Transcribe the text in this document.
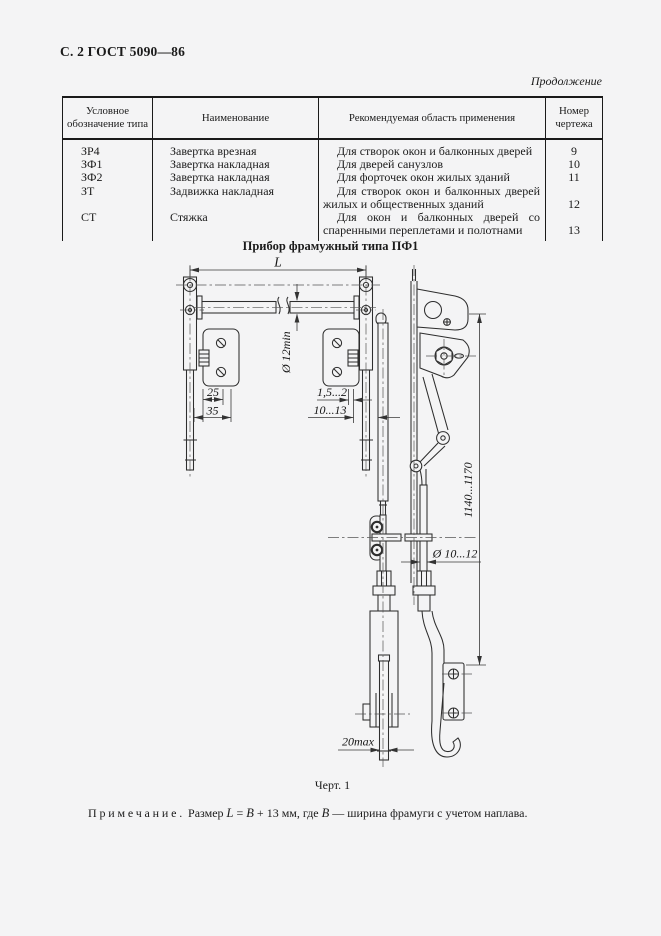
С. 2 ГОСТ 5090—86
Продолжение
Условное обозначение типа	Наименование	Рекомендуемая область применения	Номер чертежа
ЗР4	Завертка врезная	Для створок окон и балконных дверей	9
ЗФ1	Завертка накладная	Для дверей санузлов	10
ЗФ2	Завертка накладная	Для форточек окон жилых зданий	11
ЗТ	Задвижка накладная	Для створок окон и балконных дверей жилых и общественных зданий	12
СТ	Стяжка	Для окон и балконных дверей со спаренными переплетами и полотнами	13
Прибор фрамужный типа ПФ1
L
Ø 12min
25
35
1,5...2
10...13
1140...1170
Ø 10...12
20max
Черт. 1
Примечание. Размер L = B + 13 мм, где B — ширина фрамуги с учетом наплава.
